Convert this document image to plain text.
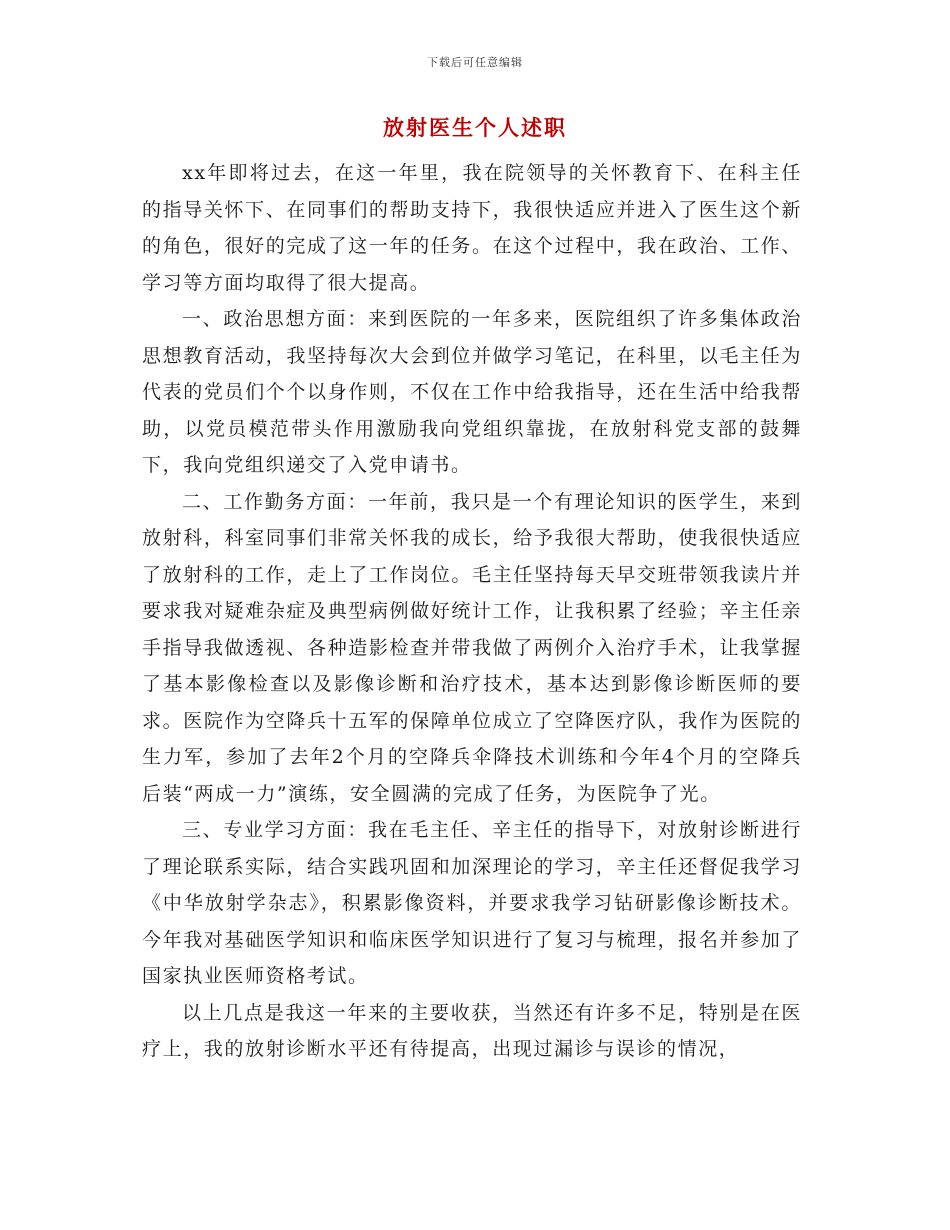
下载后可任意编辑
放射医生个人述职

xx年即将过去，在这一年里，我在院领导的关怀教育下、在科主任的指导关怀下、在同事们的帮助支持下，我很快适应并进入了医生这个新的角色，很好的完成了这一年的任务。在这个过程中，我在政治、工作、学习等方面均取得了很大提高。

一、政治思想方面：来到医院的一年多来，医院组织了许多集体政治思想教育活动，我坚持每次大会到位并做学习笔记，在科里，以毛主任为代表的党员们个个以身作则，不仅在工作中给我指导，还在生活中给我帮助，以党员模范带头作用激励我向党组织靠拢，在放射科党支部的鼓舞下，我向党组织递交了入党申请书。

二、工作勤务方面：一年前，我只是一个有理论知识的医学生，来到放射科，科室同事们非常关怀我的成长，给予我很大帮助，使我很快适应了放射科的工作，走上了工作岗位。毛主任坚持每天早交班带领我读片并要求我对疑难杂症及典型病例做好统计工作，让我积累了经验；辛主任亲手指导我做透视、各种造影检查并带我做了两例介入治疗手术，让我掌握了基本影像检查以及影像诊断和治疗技术，基本达到影像诊断医师的要求。医院作为空降兵十五军的保障单位成立了空降医疗队，我作为医院的生力军，参加了去年2个月的空降兵伞降技术训练和今年4个月的空降兵后装“两成一力”演练，安全圆满的完成了任务，为医院争了光。

三、专业学习方面：我在毛主任、辛主任的指导下，对放射诊断进行了理论联系实际，结合实践巩固和加深理论的学习，辛主任还督促我学习《中华放射学杂志》，积累影像资料，并要求我学习钻研影像诊断技术。今年我对基础医学知识和临床医学知识进行了复习与梳理，报名并参加了国家执业医师资格考试。

以上几点是我这一年来的主要收获，当然还有许多不足，特别是在医疗上，我的放射诊断水平还有待提高，出现过漏诊与误诊的情况，
